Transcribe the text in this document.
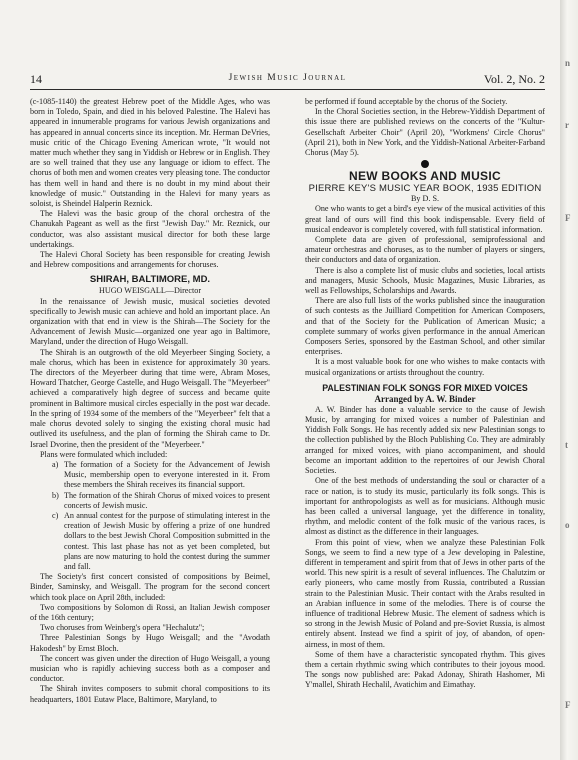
14	Jewish Music Journal	Vol. 2, No. 2

(c-1085-1140) the greatest Hebrew poet of the Middle Ages, who was born in Toledo, Spain, and died in his beloved Palestine. The Halevi has appeared in innumerable programs for various Jewish organizations and has appeared in annual concerts since its inception. Mr. Herman DeVries, music critic of the Chicago Evening American wrote, "It would not matter much whether they sang in Yiddish or Hebrew or in English. They are so well trained that they use any language or idiom to effect. The chorus of both men and women creates very pleasing tone. The conductor has them well in hand and there is no doubt in my mind about their knowledge of music." Outstanding in the Halevi for many years as soloist, is Sheindel Halperin Reznick.

The Halevi was the basic group of the choral orchestra of the Chanukah Pageant as well as the first "Jewish Day." Mr. Reznick, our conductor, was also assistant musical director for both these large undertakings.

The Halevi Choral Society has been responsible for creating Jewish and Hebrew compositions and arrangements for choruses.

SHIRAH, BALTIMORE, MD.
HUGO WEISGALL—Director

In the renaissance of Jewish music, musical societies devoted specifically to Jewish music can achieve and hold an important place. An organization with that end in view is the Shirah—The Society for the Advancement of Jewish Music—organized one year ago in Baltimore, Maryland, under the direction of Hugo Weisgall.

The Shirah is an outgrowth of the old Meyerbeer Singing Society, a male chorus, which has been in existence for approximately 30 years. The directors of the Meyerbeer during that time were, Abram Moses, Howard Thatcher, George Castelle, and Hugo Weisgall. The "Meyerbeer" achieved a comparatively high degree of success and became quite prominent in Baltimore musical circles especially in the post war decade. In the spring of 1934 some of the members of the "Meyerbeer" felt that a male chorus devoted solely to singing the existing choral music had outlived its usefulness, and the plan of forming the Shirah came to Dr. Israel Dvorine, then the president of the "Meyerbeer."

Plans were formulated which included:

a) The formation of a Society for the Advancement of Jewish Music, membership open to everyone interested in it. From these members the Shirah receives its financial support.
b) The formation of the Shirah Chorus of mixed voices to present concerts of Jewish music.
c) An annual contest for the purpose of stimulating interest in the creation of Jewish Music by offering a prize of one hundred dollars to the best Jewish Choral Composition submitted in the contest. This last phase has not as yet been completed, but plans are now maturing to hold the contest during the summer and fall.

The Society's first concert consisted of compositions by Beimel, Binder, Saminsky, and Weisgall. The program for the second concert which took place on April 28th, included:

Two compositions by Solomon di Rossi, an Italian Jewish composer of the 16th century;

Two choruses from Weinberg's opera "Hechalutz";

Three Palestinian Songs by Hugo Weisgall; and the "Avodath Hakodesh" by Ernst Bloch.

The concert was given under the direction of Hugo Weisgall, a young musician who is rapidly achieving success both as a composer and conductor.

The Shirah invites composers to submit choral compositions to its headquarters, 1801 Eutaw Place, Baltimore, Maryland, to

be performed if found acceptable by the chorus of the Society.

In the Choral Societies section, in the Hebrew-Yiddish Department of this issue there are published reviews on the concerts of the "Kultur-Gesellschaft Arbeiter Choir" (April 20), "Workmens' Circle Chorus" (April 21), both in New York, and the Yiddish-National Arbeiter-Farband Chorus (May 5).

NEW BOOKS AND MUSIC
PIERRE KEY'S MUSIC YEAR BOOK, 1935 EDITION
By D. S.

One who wants to get a bird's eye view of the musical activities of this great land of ours will find this book indispensable. Every field of musical endeavor is completely covered, with full statistical information.

Complete data are given of professional, semiprofessional and amateur orchestras and choruses, as to the number of players or singers, their conductors and data of organization.

There is also a complete list of music clubs and societies, local artists and managers, Music Schools, Music Magazines, Music Libraries, as well as Fellowships, Scholarships and Awards.

There are also full lists of the works published since the inauguration of such contests as the Juilliard Competition for American Composers, and that of the Society for the Publication of American Music; a complete summary of works given performance in the annual American Composers Series, sponsored by the Eastman School, and other similar enterprises.

It is a most valuable book for one who wishes to make contacts with musical organizations or artists throughout the country.

PALESTINIAN FOLK SONGS FOR MIXED VOICES
Arranged by A. W. Binder

A. W. Binder has done a valuable service to the cause of Jewish Music, by arranging for mixed voices a number of Palestinian and Yiddish Folk Songs. He has recently added six new Palestinian songs to the collection published by the Bloch Publishing Co. They are admirably arranged for mixed voices, with piano accompaniment, and should become an important addition to the repertoires of our Jewish Choral Societies.

One of the best methods of understanding the soul or character of a race or nation, is to study its music, particularly its folk songs. This is important for anthropologists as well as for musicians. Although music has been called a universal language, yet the difference in tonality, rhythm, and melodic content of the folk music of the various races, is almost as distinct as the difference in their languages.

From this point of view, when we analyze these Palestinian Folk Songs, we seem to find a new type of a Jew developing in Palestine, different in temperament and spirit from that of Jews in other parts of the world. This new spirit is a result of several influences. The Chalutzim or early pioneers, who came mostly from Russia, contributed a Russian strain to the Palestinian Music. Their contact with the Arabs resulted in an Arabian influence in some of the melodies. There is of course the influence of traditional Hebrew Music. The element of sadness which is so strong in the Jewish Music of Poland and pre-Soviet Russia, is almost entirely absent. Instead we find a spirit of joy, of abandon, of open-airness, in most of them.

Some of them have a characteristic syncopated rhythm. This gives them a certain rhythmic swing which contributes to their joyous mood. The songs now published are: Pakad Adonay, Shirath Hashomer, Mi Y'mallel, Shirath Hechalil, Avatichim and Eimathay.

n
r
F
t
o
F
